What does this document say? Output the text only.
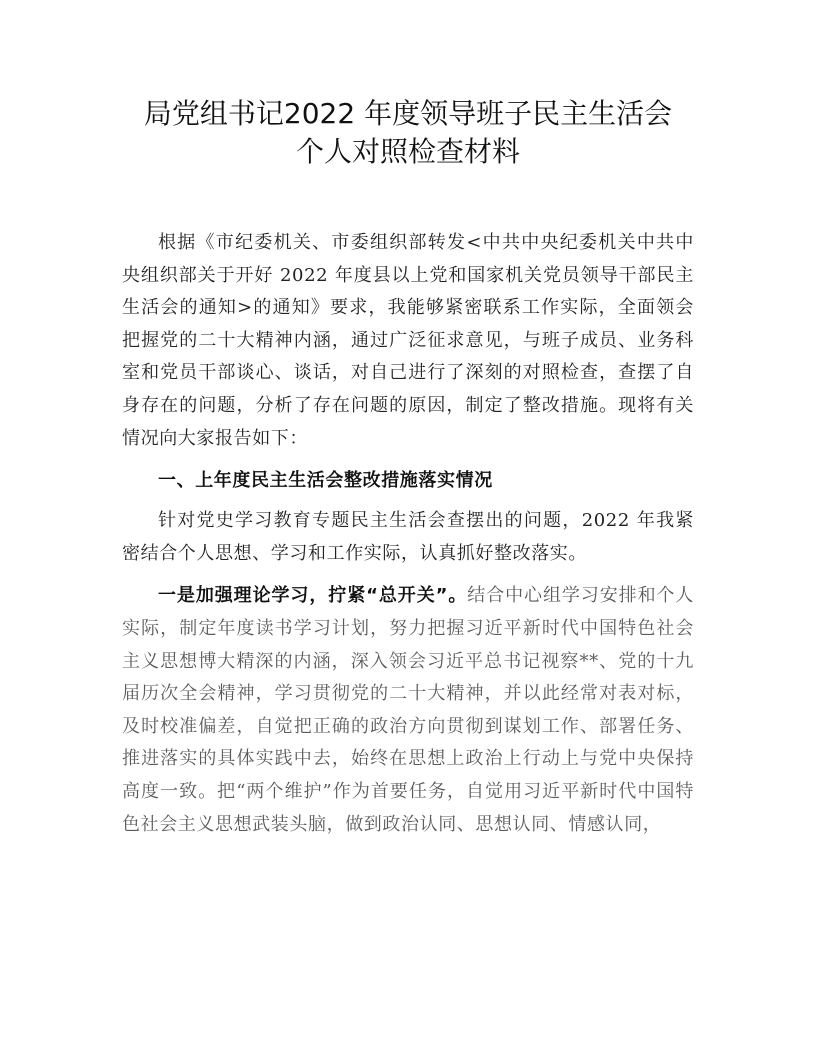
局党组书记2022 年度领导班子民主生活会
个人对照检查材料

根据《市纪委机关、市委组织部转发<中共中央纪委机关中共中央组织部关于开好 2022 年度县以上党和国家机关党员领导干部民主生活会的通知>的通知》要求，我能够紧密联系工作实际，全面领会把握党的二十大精神内涵，通过广泛征求意见，与班子成员、业务科室和党员干部谈心、谈话，对自己进行了深刻的对照检查，查摆了自身存在的问题，分析了存在问题的原因，制定了整改措施。现将有关情况向大家报告如下：

一、上年度民主生活会整改措施落实情况

针对党史学习教育专题民主生活会查摆出的问题，2022 年我紧密结合个人思想、学习和工作实际，认真抓好整改落实。

一是加强理论学习，拧紧“总开关”。结合中心组学习安排和个人实际，制定年度读书学习计划，努力把握习近平新时代中国特色社会主义思想博大精深的内涵，深入领会习近平总书记视察**、党的十九届历次全会精神，学习贯彻党的二十大精神，并以此经常对表对标，及时校准偏差，自觉把正确的政治方向贯彻到谋划工作、部署任务、推进落实的具体实践中去，始终在思想上政治上行动上与党中央保持高度一致。把“两个维护”作为首要任务，自觉用习近平新时代中国特色社会主义思想武装头脑，做到政治认同、思想认同、情感认同，
